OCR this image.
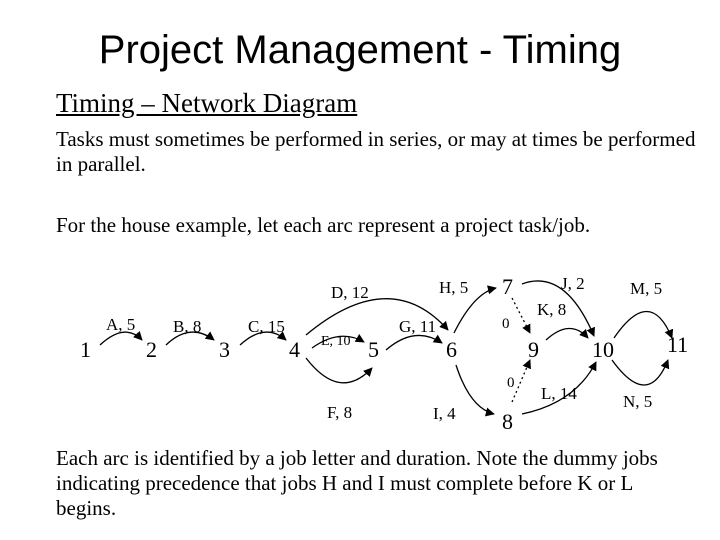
Project Management - Timing
Timing – Network Diagram
Tasks must sometimes be performed in series, or may at times be performed in parallel.
For the house example, let each arc represent a project task/job.
1	2	3	4	5	6
7
8
9 10 11
A, 5 B, 8	C, 15
D, 12
E, 10
F, 8
G, 11
H, 5
I, 4
J, 2
K, 8
L, 14
M, 5
N, 5
0
0
Each arc is identified by a job letter and duration. Note the dummy jobs indicating precedence that jobs H and I must complete before K or L begins.
